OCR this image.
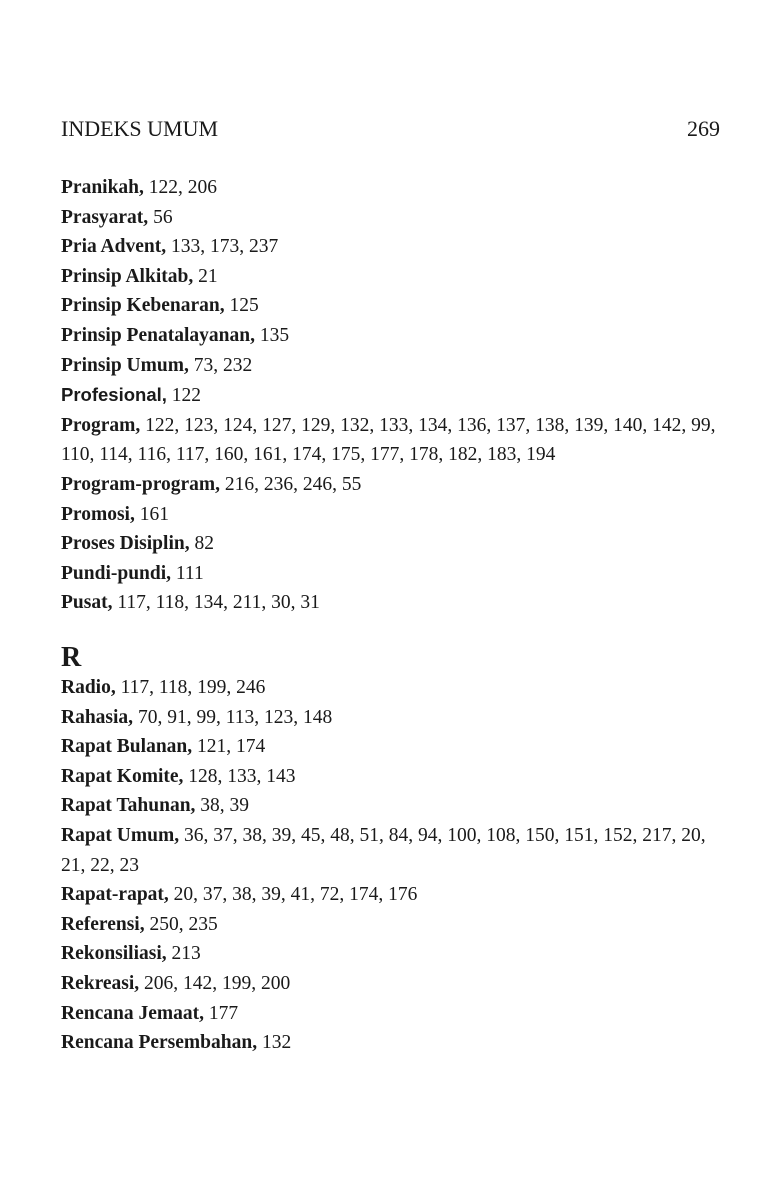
INDEKS UMUM	269

Pranikah, 122, 206

Prasyarat, 56

Pria Advent, 133, 173, 237

Prinsip Alkitab, 21

Prinsip Kebenaran, 125

Prinsip Penatalayanan, 135

Prinsip Umum, 73, 232

Profesional, 122

Program, 122, 123, 124, 127, 129, 132, 133, 134, 136, 137, 138, 139, 140, 142, 99, 110, 114, 116, 117, 160, 161, 174, 175, 177, 178, 182, 183, 194

Program-program, 216, 236, 246, 55

Promosi, 161

Proses Disiplin, 82

Pundi-pundi, 111

Pusat, 117, 118, 134, 211, 30, 31

R

Radio, 117, 118, 199, 246

Rahasia, 70, 91, 99, 113, 123, 148

Rapat Bulanan, 121, 174

Rapat Komite, 128, 133, 143

Rapat Tahunan, 38, 39

Rapat Umum, 36, 37, 38, 39, 45, 48, 51, 84, 94, 100, 108, 150, 151, 152, 217, 20, 21, 22, 23

Rapat-rapat, 20, 37, 38, 39, 41, 72, 174, 176

Referensi, 250, 235

Rekonsiliasi, 213

Rekreasi, 206, 142, 199, 200

Rencana Jemaat, 177

Rencana Persembahan, 132
